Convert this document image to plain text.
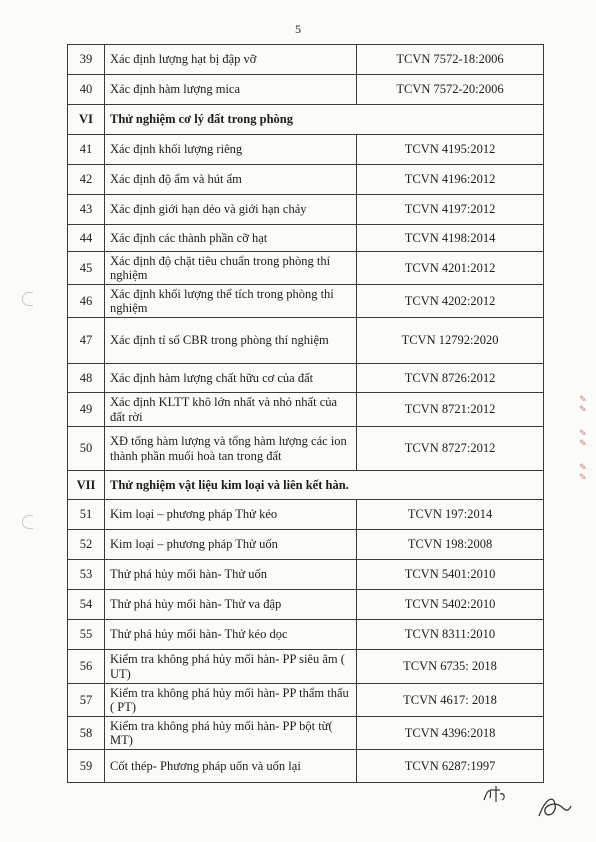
5
39	Xác định lượng hạt bị đập vỡ	TCVN 7572-18:2006
40	Xác định hàm lượng mica	TCVN 7572-20:2006
VI	Thử nghiệm cơ lý đất trong phòng	
41	Xác định khối lượng riêng	TCVN 4195:2012
42	Xác định độ ẩm và hút ẩm	TCVN 4196:2012
43	Xác định giới hạn dẻo và giới hạn chảy	TCVN 4197:2012
44	Xác định các thành phần cỡ hạt	TCVN 4198:2014
45	Xác định độ chặt tiêu chuẩn trong phòng thí nghiệm	TCVN 4201:2012
46	Xác định khối lượng thể tích trong phòng thí nghiệm	TCVN 4202:2012
47	Xác định tỉ số CBR trong phòng thí nghiệm	TCVN 12792:2020
48	Xác định hàm lượng chất hữu cơ của đất	TCVN 8726:2012
49	Xác định KLTT khô lớn nhất và nhỏ nhất của đất rời	TCVN 8721:2012
50	XĐ tổng hàm lượng và tổng hàm lượng các ion thành phần muối hoà tan trong đất	TCVN 8727:2012
VII	Thử nghiệm vật liệu kim loại và liên kết hàn.	
51	Kim loại – phương pháp Thử kéo	TCVN 197:2014
52	Kim loại – phương pháp Thử uốn	TCVN 198:2008
53	Thử phá hủy mối hàn- Thử uốn	TCVN 5401:2010
54	Thử phá hủy mối hàn- Thử va đập	TCVN 5402:2010
55	Thử phá hủy mối hàn- Thử kéo dọc	TCVN 8311:2010
56	Kiểm tra không phá hủy mối hàn- PP siêu âm ( UT)	TCVN 6735: 2018
57	Kiểm tra không phá hủy mối hàn- PP thẩm thấu ( PT)	TCVN 4617: 2018
58	Kiểm tra không phá hủy mối hàn- PP bột từ( MT)	TCVN 4396:2018
59	Cốt thép- Phương pháp uốn và uốn lại	TCVN 6287:1997
✎✎
✎✎
✎✎
